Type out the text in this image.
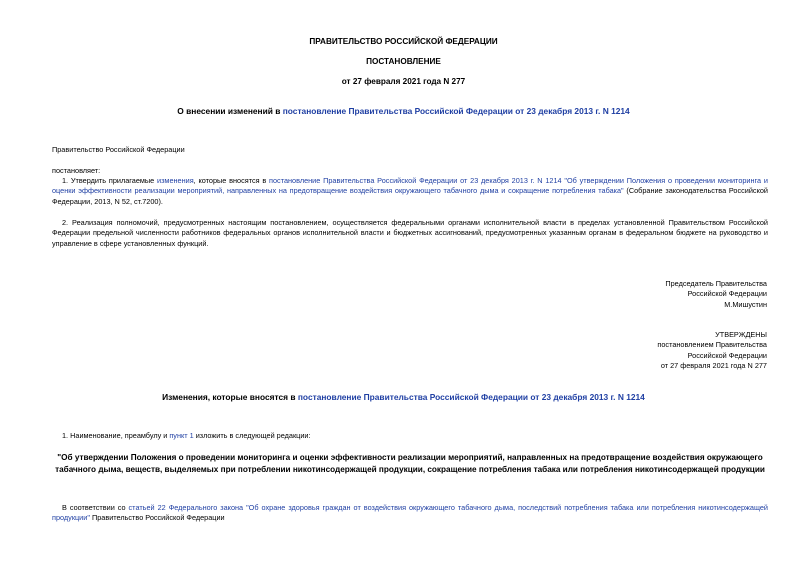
ПРАВИТЕЛЬСТВО РОССИЙСКОЙ ФЕДЕРАЦИИ
ПОСТАНОВЛЕНИЕ
от 27 февраля 2021 года N 277
О внесении изменений в постановление Правительства Российской Федерации от 23 декабря 2013 г. N 1214
Правительство Российской Федерации
постановляет:
1. Утвердить прилагаемые изменения, которые вносятся в постановление Правительства Российской Федерации от 23 декабря 2013 г. N 1214 "Об утверждении Положения о проведении мониторинга и оценки эффективности реализации мероприятий, направленных на предотвращение воздействия окружающего табачного дыма и сокращение потребления табака" (Собрание законодательства Российской Федерации, 2013, N 52, ст.7200).
2. Реализация полномочий, предусмотренных настоящим постановлением, осуществляется федеральными органами исполнительной власти в пределах установленной Правительством Российской Федерации предельной численности работников федеральных органов исполнительной власти и бюджетных ассигнований, предусмотренных указанным органам в федеральном бюджете на руководство и управление в сфере установленных функций.
Председатель Правительства
Российской Федерации
М.Мишустин
УТВЕРЖДЕНЫ
постановлением Правительства
Российской Федерации
от 27 февраля 2021 года N 277
Изменения, которые вносятся в постановление Правительства Российской Федерации от 23 декабря 2013 г. N 1214
1. Наименование, преамбулу и пункт 1 изложить в следующей редакции:
"Об утверждении Положения о проведении мониторинга и оценки эффективности реализации мероприятий, направленных на предотвращение воздействия окружающего табачного дыма, веществ, выделяемых при потреблении никотинсодержащей продукции, сокращение потребления табака или потребления никотинсодержащей продукции
В соответствии со статьей 22 Федерального закона "Об охране здоровья граждан от воздействия окружающего табачного дыма, последствий потребления табака или потребления никотинсодержащей продукции" Правительство Российской Федерации
